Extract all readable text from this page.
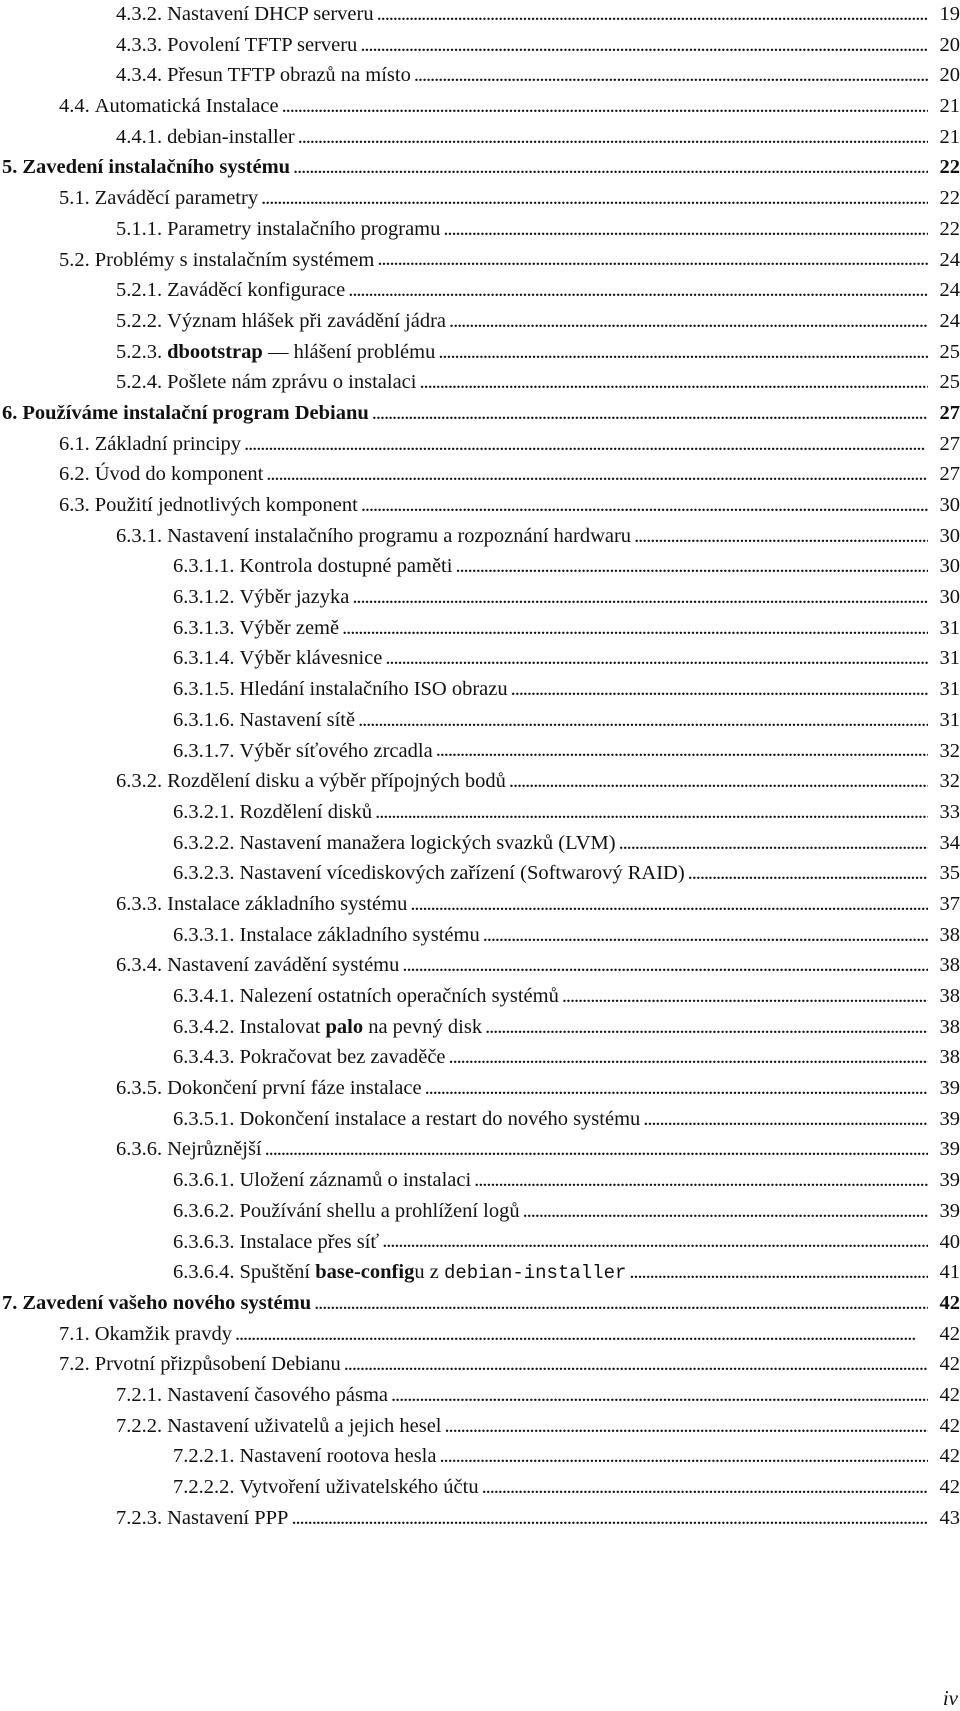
4.3.2. Nastavení DHCP serveru . . .	19
4.3.3. Povolení TFTP serveru . . .	20
4.3.4. Přesun TFTP obrazů na místo . . .	20
4.4. Automatická Instalace . . .	21
4.4.1. debian-installer . . .	21
5. Zavedení instalačního systému . . .	22
5.1. Zaváděcí parametry . . .	22
5.1.1. Parametry instalačního programu . . .	22
5.2. Problémy s instalačním systémem . . .	24
5.2.1. Zaváděcí konfigurace . . .	24
5.2.2. Význam hlášek při zavádění jádra . . .	24
5.2.3. dbootstrap — hlášení problému . . .	25
5.2.4. Pošlete nám zprávu o instalaci . . .	25
6. Používáme instalační program Debianu . . .	27
6.1. Základní principy . . .	27
6.2. Úvod do komponent . . .	27
6.3. Použití jednotlivých komponent . . .	30
6.3.1. Nastavení instalačního programu a rozpoznání hardwaru . . .	30
6.3.1.1. Kontrola dostupné paměti . . .	30
6.3.1.2. Výběr jazyka . . .	30
6.3.1.3. Výběr země . . .	31
6.3.1.4. Výběr klávesnice . . .	31
6.3.1.5. Hledání instalačního ISO obrazu . . .	31
6.3.1.6. Nastavení sítě . . .	31
6.3.1.7. Výběr síťového zrcadla . . .	32
6.3.2. Rozdělení disku a výběr přípojných bodů . . .	32
6.3.2.1. Rozdělení disků . . .	33
6.3.2.2. Nastavení manažera logických svazků (LVM) . . .	34
6.3.2.3. Nastavení vícediskových zařízení (Softwarový RAID) . . .	35
6.3.3. Instalace základního systému . . .	37
6.3.3.1. Instalace základního systému . . .	38
6.3.4. Nastavení zavádění systému . . .	38
6.3.4.1. Nalezení ostatních operačních systémů . . .	38
6.3.4.2. Instalovat palo na pevný disk . . .	38
6.3.4.3. Pokračovat bez zavaděče . . .	38
6.3.5. Dokončení první fáze instalace . . .	39
6.3.5.1. Dokončení instalace a restart do nového systému . . .	39
6.3.6. Nejrůznější . . .	39
6.3.6.1. Uložení záznamů o instalaci . . .	39
6.3.6.2. Používání shellu a prohlížení logů . . .	39
6.3.6.3. Instalace přes síť . . .	40
6.3.6.4. Spuštění base-configu z debian-installer . . .	41
7. Zavedení vašeho nového systému . . .	42
7.1. Okamžik pravdy . . .	42
7.2. Prvotní přizpůsobení Debianu . . .	42
7.2.1. Nastavení časového pásma . . .	42
7.2.2. Nastavení uživatelů a jejich hesel . . .	42
7.2.2.1. Nastavení rootova hesla . . .	42
7.2.2.2. Vytvoření uživatelského účtu . . .	42
7.2.3. Nastavení PPP . . .	43
iv
